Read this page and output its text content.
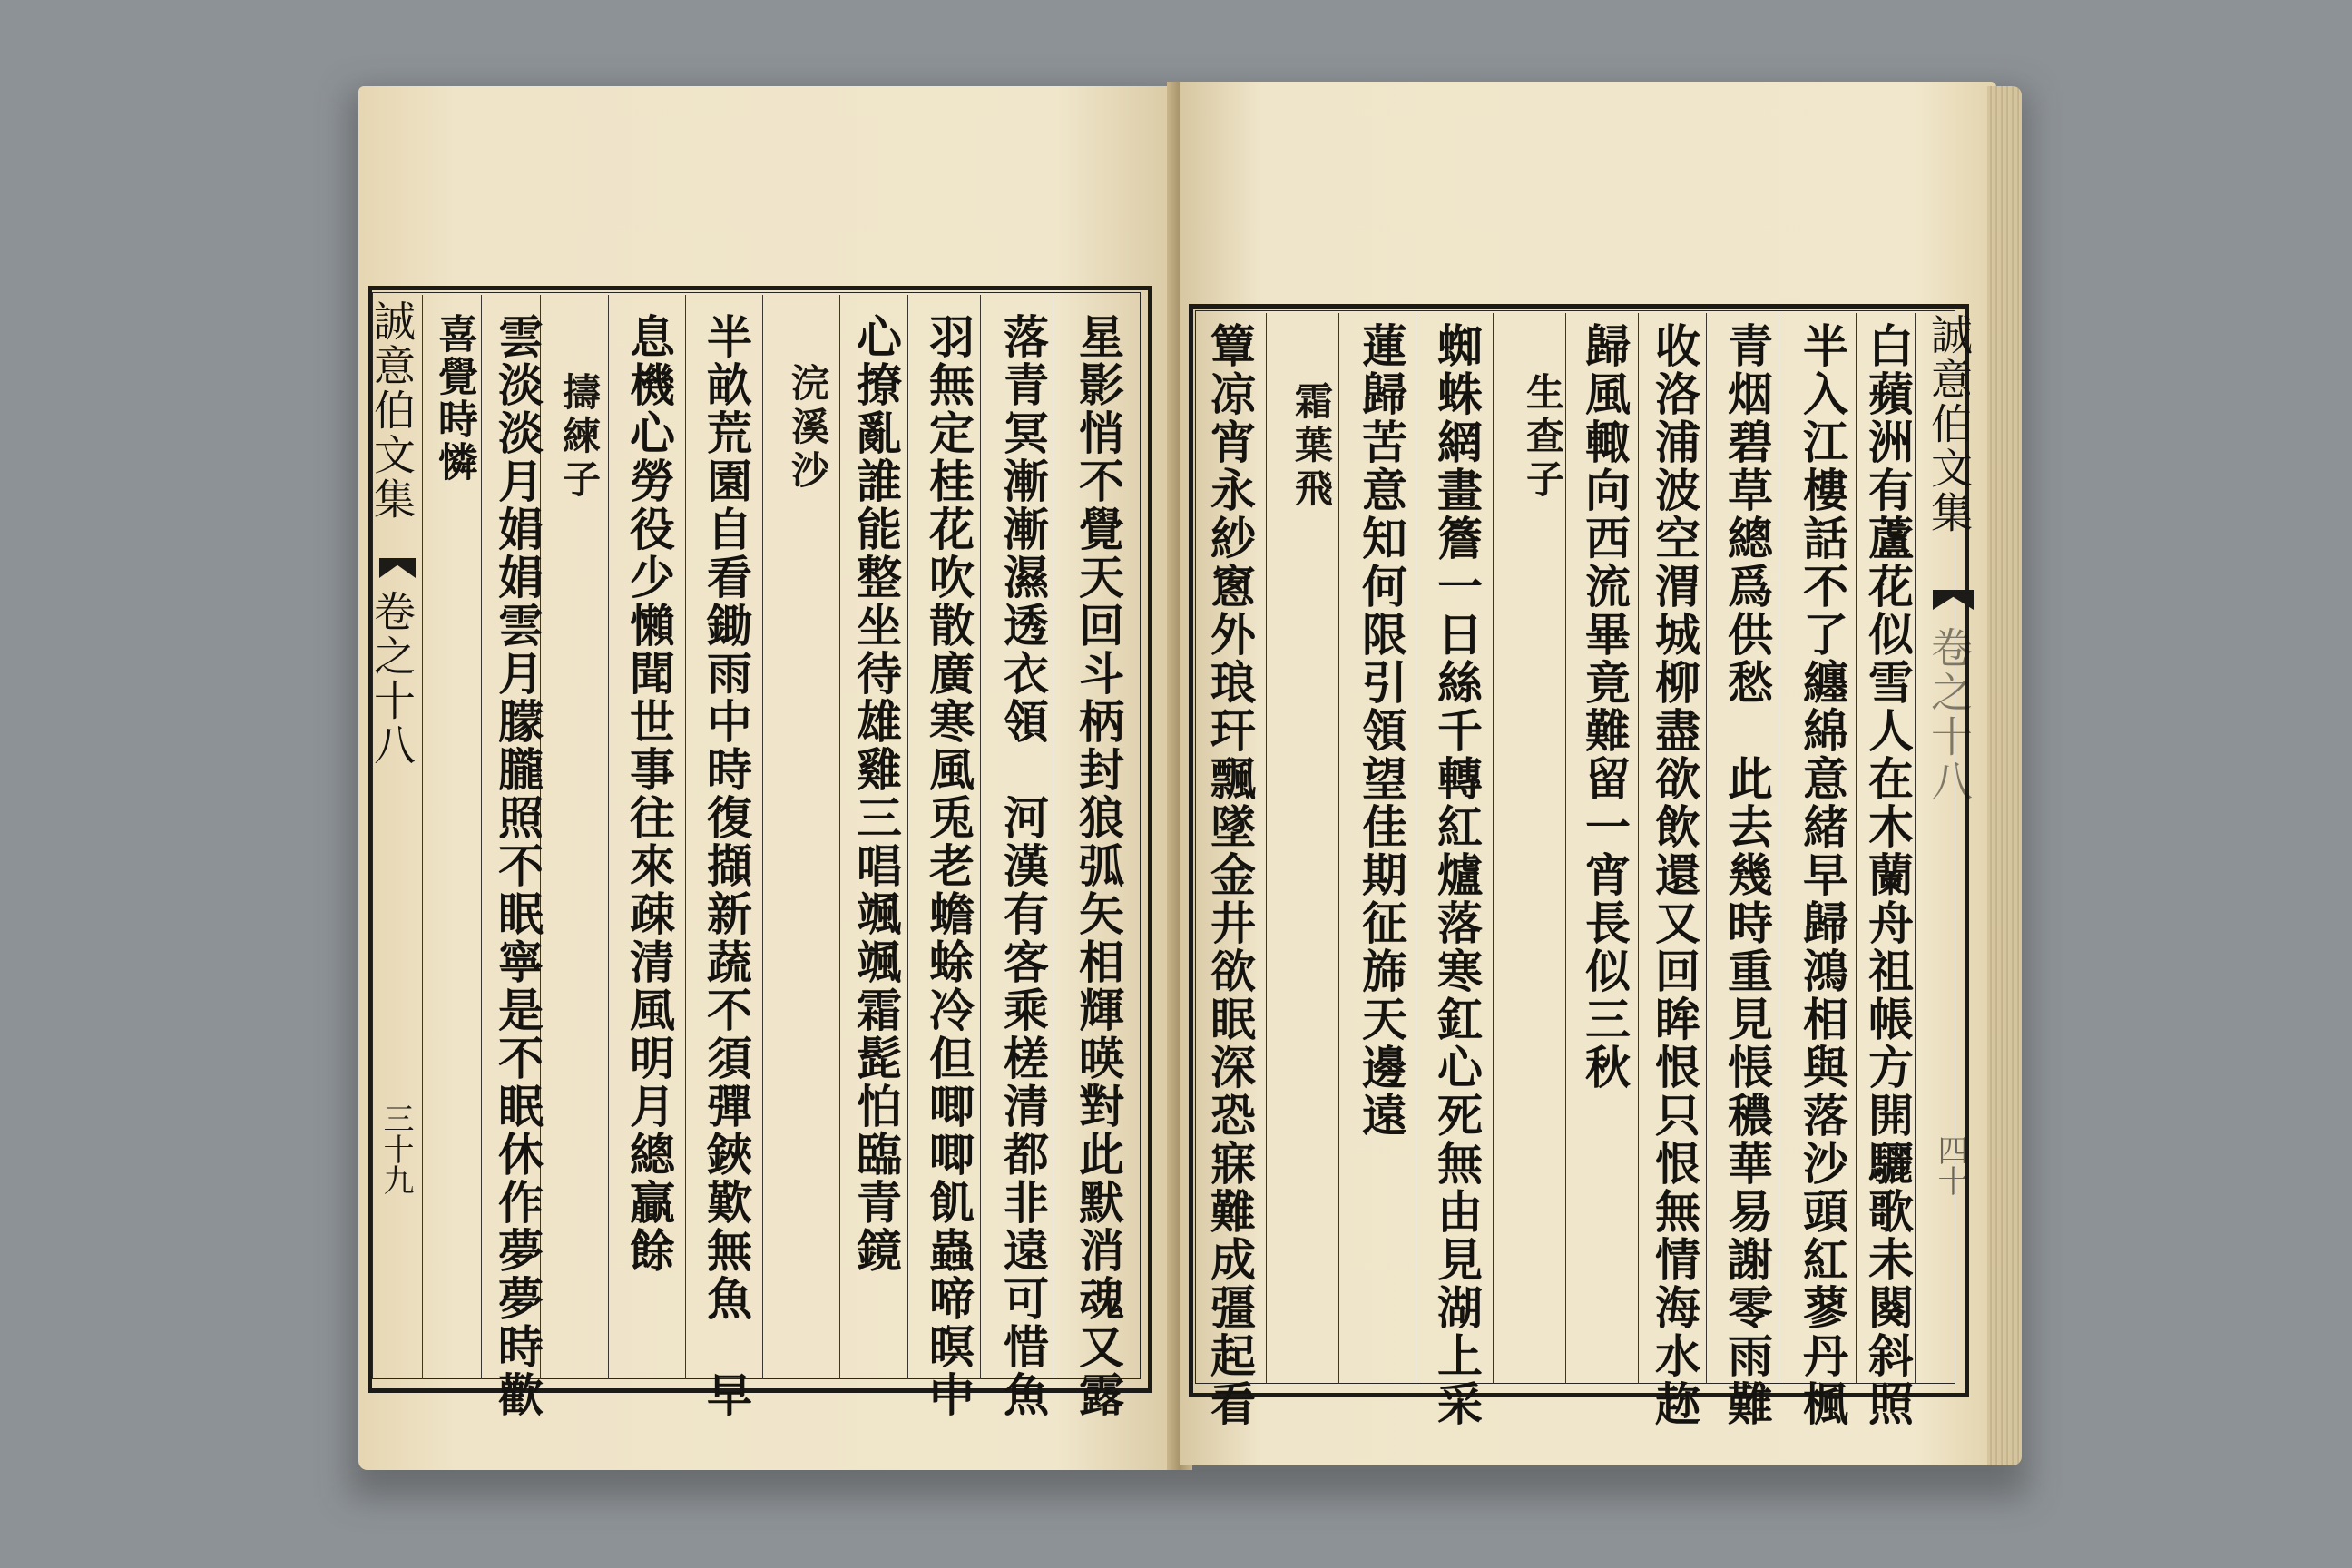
誠意伯文集
卷之十八
三十九	星影悄不覺天回斗柄封狼弧矢相輝暎對此默消魂又露
落青冥漸漸濕透衣領　河漢有客乘槎清都非遠可惜魚
羽無定桂花吹散廣寒風兎老蟾蜍冷但唧唧飢蟲啼暝中
心撩亂誰能整坐待雄雞三唱颯颯霜髭怕臨青鏡
浣溪沙
半畝荒園自看鋤雨中時復擷新蔬不須彈鋏歎無魚　早
息機心勞役少懶聞世事往來疎清風明月總贏餘
擣練子
雲淡淡月娟娟雲月朦朧照不眠寧是不眠休作夢夢時歡
喜覺時憐	白蘋洲有蘆花似雪人在木蘭舟祖帳方開驪歌未闋斜照
半入江樓話不了纏綿意緒早歸鴻相與落沙頭紅蓼丹楓
青烟碧草總爲供愁　此去幾時重見悵穠華易謝零雨難
收洛浦波空渭城柳盡欲飲還又回眸恨只恨無情海水趂
歸風輙向西流畢竟難留一宵長似三秋
生查子
蜘蛛網畫簷一日絲千轉紅爐落寒釭心死無由見湖上采
蓮歸苦意知何限引領望佳期征旆天邊遠
霜葉飛
簟凉宵永紗窻外琅玕飄墜金井欲眠深恐寐難成彊起看	誠意伯文集
卷之十八
四十
